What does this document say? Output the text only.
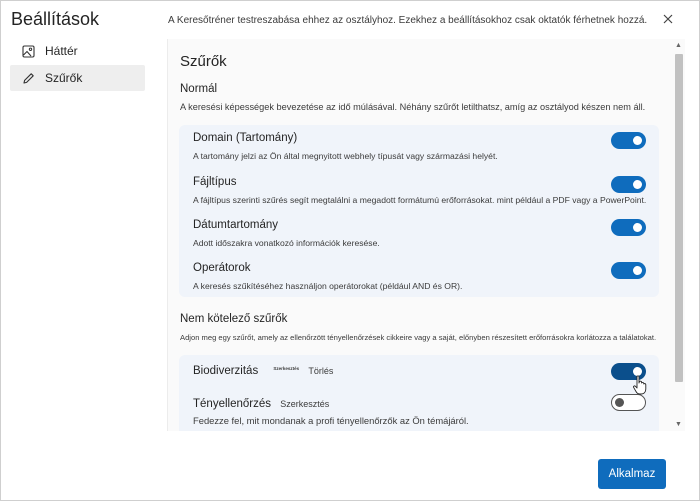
Beállítások
Háttér
Szűrők
A Keresőtréner testreszabása ehhez az osztályhoz. Ezekhez a beállításokhoz csak oktatók férhetnek hozzá.
Szűrők
Normál
A keresési képességek bevezetése az idő múlásával. Néhány szűrőt letilthatsz, amíg az osztályod készen nem áll.
Domain (Tartomány)
A tartomány jelzi az Ön által megnyitott webhely típusát vagy származási helyét.
Fájltípus
A fájltípus szerinti szűrés segít megtalálni a megadott formátumú erőforrásokat. mint például a PDF vagy a PowerPoint.
Dátumtartomány
Adott időszakra vonatkozó információk keresése.
Operátorok
A keresés szűkítéséhez használjon operátorokat (például AND és OR).
Nem kötelező szűrők
Adjon meg egy szűrőt, amely az ellenőrzött tényellenőrzések cikkeire vagy a saját, előnyben részesített erőforrásokra korlátozza a találatokat.
Biodiverzitás	$^{Szerkesztés}$ Törlés
Tényellenőrzés Szerkesztés
Fedezze fel, mit mondanak a profi tényellenőrzők az Ön témájáról.
▲
▼
Alkalmaz
